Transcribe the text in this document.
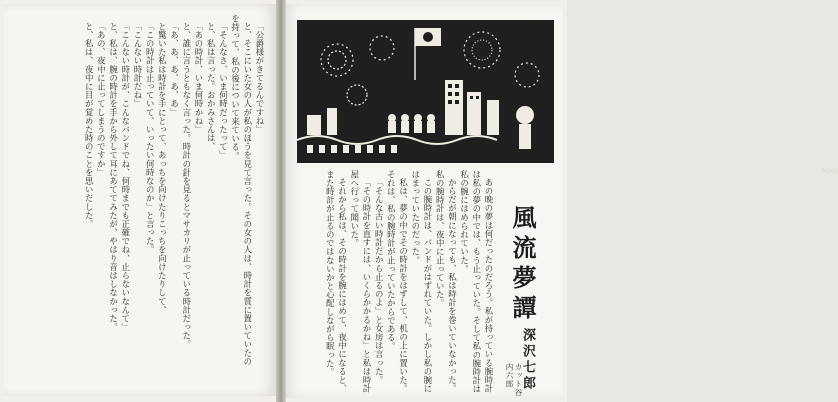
「公爵様がきてるんですね」

と、そこにいた女の人が私のほうを見て言った。その女の人は、時計を質に置いていたのを持って、私の後について来ている。

「そんなさ、いま何時だったって」

と、私は言った。おかみさんは、

「あの時計、いま何時かね」

と、誰に言うともなく言った。時計の針を見るとマサカリが止っている時計だった。

「あ、あ、あ、あ、あ」

と驚いた私は時計を手にとって、あっちを向けたりこっちを向けたりして、

「この時計は止っていて、いったい何時なのか」と言った。

「こんない時計だね」

「こんない時計が、こんなバンドでね、何時までも正確でね、止らないなんて」

と、私は、腕の時計を手から外して耳にあててみたが、やはり音はしなかった。

「あの、夜中に止ってしまうのですか」

と、私は、夜中に目が覚めた時のことを思いだした。	ROKU

あの晩の夢は何だったのだろう。私が持っている腕時計は私の夢の中では、もう止っていた。そして私の腕時計は私の腕にはめられていた。

からだが朝になっても、私は時計を巻いていなかった。私の腕時計は、夜中に止っていた。

この腕時計は、バンドがはずれていた。しかし私の腕にはまっていたのだった。

私は、夢の中でその時計をはずして、机の上に置いた。それは、私の腕時計が止っていたからである。

「そんな古い時計だから止るのよ」と女房は言った。

「その時計を直すには、いくらかかるかね」と私は時計屋へ行って聞いた。

それから私は、その時計を腕にはめて、夜中になると、また時計が止るのではないかと心配しながら眠った。	風流夢譚
深沢七郎
カット谷内六郎
